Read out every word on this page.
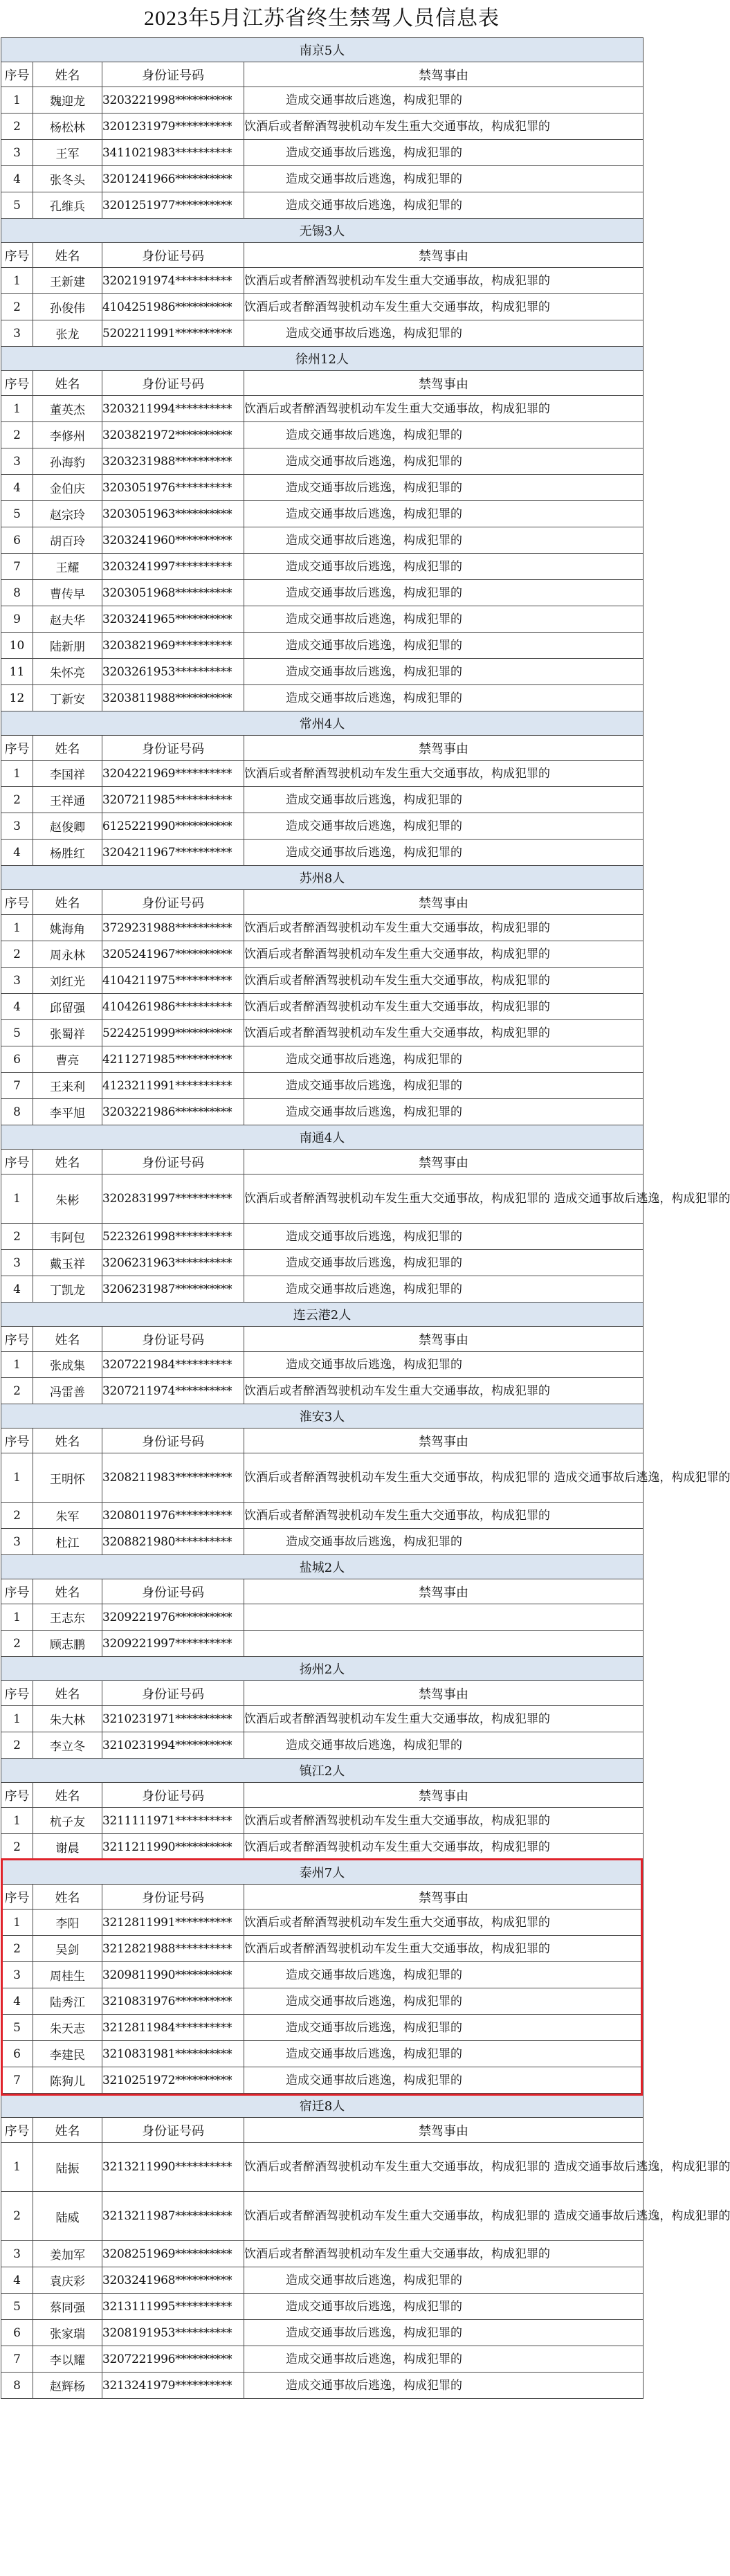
2023年5月江苏省终生禁驾人员信息表
南京5人			
序号	姓名	身份证号码	禁驾事由
1	魏迎龙	3203221998**********	造成交通事故后逃逸，构成犯罪的
2	杨松林	3201231979**********	饮酒后或者醉酒驾驶机动车发生重大交通事故，构成犯罪的
3	王军	3411021983**********	造成交通事故后逃逸，构成犯罪的
4	张冬头	3201241966**********	造成交通事故后逃逸，构成犯罪的
5	孔维兵	3201251977**********	造成交通事故后逃逸，构成犯罪的
无锡3人			
序号	姓名	身份证号码	禁驾事由
1	王新建	3202191974**********	饮酒后或者醉酒驾驶机动车发生重大交通事故，构成犯罪的
2	孙俊伟	4104251986**********	饮酒后或者醉酒驾驶机动车发生重大交通事故，构成犯罪的
3	张龙	5202211991**********	造成交通事故后逃逸，构成犯罪的
徐州12人			
序号	姓名	身份证号码	禁驾事由
1	董英杰	3203211994**********	饮酒后或者醉酒驾驶机动车发生重大交通事故，构成犯罪的
2	李修州	3203821972**********	造成交通事故后逃逸，构成犯罪的
3	孙海豹	3203231988**********	造成交通事故后逃逸，构成犯罪的
4	金伯庆	3203051976**********	造成交通事故后逃逸，构成犯罪的
5	赵宗玲	3203051963**********	造成交通事故后逃逸，构成犯罪的
6	胡百玲	3203241960**********	造成交通事故后逃逸，构成犯罪的
7	王耀	3203241997**********	造成交通事故后逃逸，构成犯罪的
8	曹传早	3203051968**********	造成交通事故后逃逸，构成犯罪的
9	赵夫华	3203241965**********	造成交通事故后逃逸，构成犯罪的
10	陆新朋	3203821969**********	造成交通事故后逃逸，构成犯罪的
11	朱怀亮	3203261953**********	造成交通事故后逃逸，构成犯罪的
12	丁新安	3203811988**********	造成交通事故后逃逸，构成犯罪的
常州4人			
序号	姓名	身份证号码	禁驾事由
1	李国祥	3204221969**********	饮酒后或者醉酒驾驶机动车发生重大交通事故，构成犯罪的
2	王祥通	3207211985**********	造成交通事故后逃逸，构成犯罪的
3	赵俊卿	6125221990**********	造成交通事故后逃逸，构成犯罪的
4	杨胜红	3204211967**********	造成交通事故后逃逸，构成犯罪的
苏州8人			
序号	姓名	身份证号码	禁驾事由
1	姚海角	3729231988**********	饮酒后或者醉酒驾驶机动车发生重大交通事故，构成犯罪的
2	周永林	3205241967**********	饮酒后或者醉酒驾驶机动车发生重大交通事故，构成犯罪的
3	刘红光	4104211975**********	饮酒后或者醉酒驾驶机动车发生重大交通事故，构成犯罪的
4	邱留强	4104261986**********	饮酒后或者醉酒驾驶机动车发生重大交通事故，构成犯罪的
5	张蜀祥	5224251999**********	饮酒后或者醉酒驾驶机动车发生重大交通事故，构成犯罪的
6	曹亮	4211271985**********	造成交通事故后逃逸，构成犯罪的
7	王来利	4123211991**********	造成交通事故后逃逸，构成犯罪的
8	李平旭	3203221986**********	造成交通事故后逃逸，构成犯罪的
南通4人			
序号	姓名	身份证号码	禁驾事由
1	朱彬	3202831997**********	饮酒后或者醉酒驾驶机动车发生重大交通事故，构成犯罪的 造成交通事故后逃逸，构成犯罪的
2	韦阿包	5223261998**********	造成交通事故后逃逸，构成犯罪的
3	戴玉祥	3206231963**********	造成交通事故后逃逸，构成犯罪的
4	丁凯龙	3206231987**********	造成交通事故后逃逸，构成犯罪的
连云港2人			
序号	姓名	身份证号码	禁驾事由
1	张成集	3207221984**********	造成交通事故后逃逸，构成犯罪的
2	冯雷善	3207211974**********	饮酒后或者醉酒驾驶机动车发生重大交通事故，构成犯罪的
淮安3人			
序号	姓名	身份证号码	禁驾事由
1	王明怀	3208211983**********	饮酒后或者醉酒驾驶机动车发生重大交通事故，构成犯罪的 造成交通事故后逃逸，构成犯罪的
2	朱军	3208011976**********	饮酒后或者醉酒驾驶机动车发生重大交通事故，构成犯罪的
3	杜江	3208821980**********	造成交通事故后逃逸，构成犯罪的
盐城2人			
序号	姓名	身份证号码	禁驾事由
1	王志东	3209221976**********	
2	顾志鹏	3209221997**********	
扬州2人			
序号	姓名	身份证号码	禁驾事由
1	朱大林	3210231971**********	饮酒后或者醉酒驾驶机动车发生重大交通事故，构成犯罪的
2	李立冬	3210231994**********	造成交通事故后逃逸，构成犯罪的
镇江2人			
序号	姓名	身份证号码	禁驾事由
1	杭子友	3211111971**********	饮酒后或者醉酒驾驶机动车发生重大交通事故，构成犯罪的
2	谢晨	3211211990**********	饮酒后或者醉酒驾驶机动车发生重大交通事故，构成犯罪的
泰州7人			
序号	姓名	身份证号码	禁驾事由
1	李阳	3212811991**********	饮酒后或者醉酒驾驶机动车发生重大交通事故，构成犯罪的
2	吴剑	3212821988**********	饮酒后或者醉酒驾驶机动车发生重大交通事故，构成犯罪的
3	周桂生	3209811990**********	造成交通事故后逃逸，构成犯罪的
4	陆秀江	3210831976**********	造成交通事故后逃逸，构成犯罪的
5	朱天志	3212811984**********	造成交通事故后逃逸，构成犯罪的
6	李建民	3210831981**********	造成交通事故后逃逸，构成犯罪的
7	陈狗儿	3210251972**********	造成交通事故后逃逸，构成犯罪的
宿迁8人			
序号	姓名	身份证号码	禁驾事由
1	陆振	3213211990**********	饮酒后或者醉酒驾驶机动车发生重大交通事故，构成犯罪的 造成交通事故后逃逸，构成犯罪的
2	陆威	3213211987**********	饮酒后或者醉酒驾驶机动车发生重大交通事故，构成犯罪的 造成交通事故后逃逸，构成犯罪的
3	姜加军	3208251969**********	饮酒后或者醉酒驾驶机动车发生重大交通事故，构成犯罪的
4	袁庆彩	3203241968**********	造成交通事故后逃逸，构成犯罪的
5	蔡同强	3213111995**********	造成交通事故后逃逸，构成犯罪的
6	张家瑞	3208191953**********	造成交通事故后逃逸，构成犯罪的
7	李以耀	3207221996**********	造成交通事故后逃逸，构成犯罪的
8	赵辉杨	3213241979**********	造成交通事故后逃逸，构成犯罪的
